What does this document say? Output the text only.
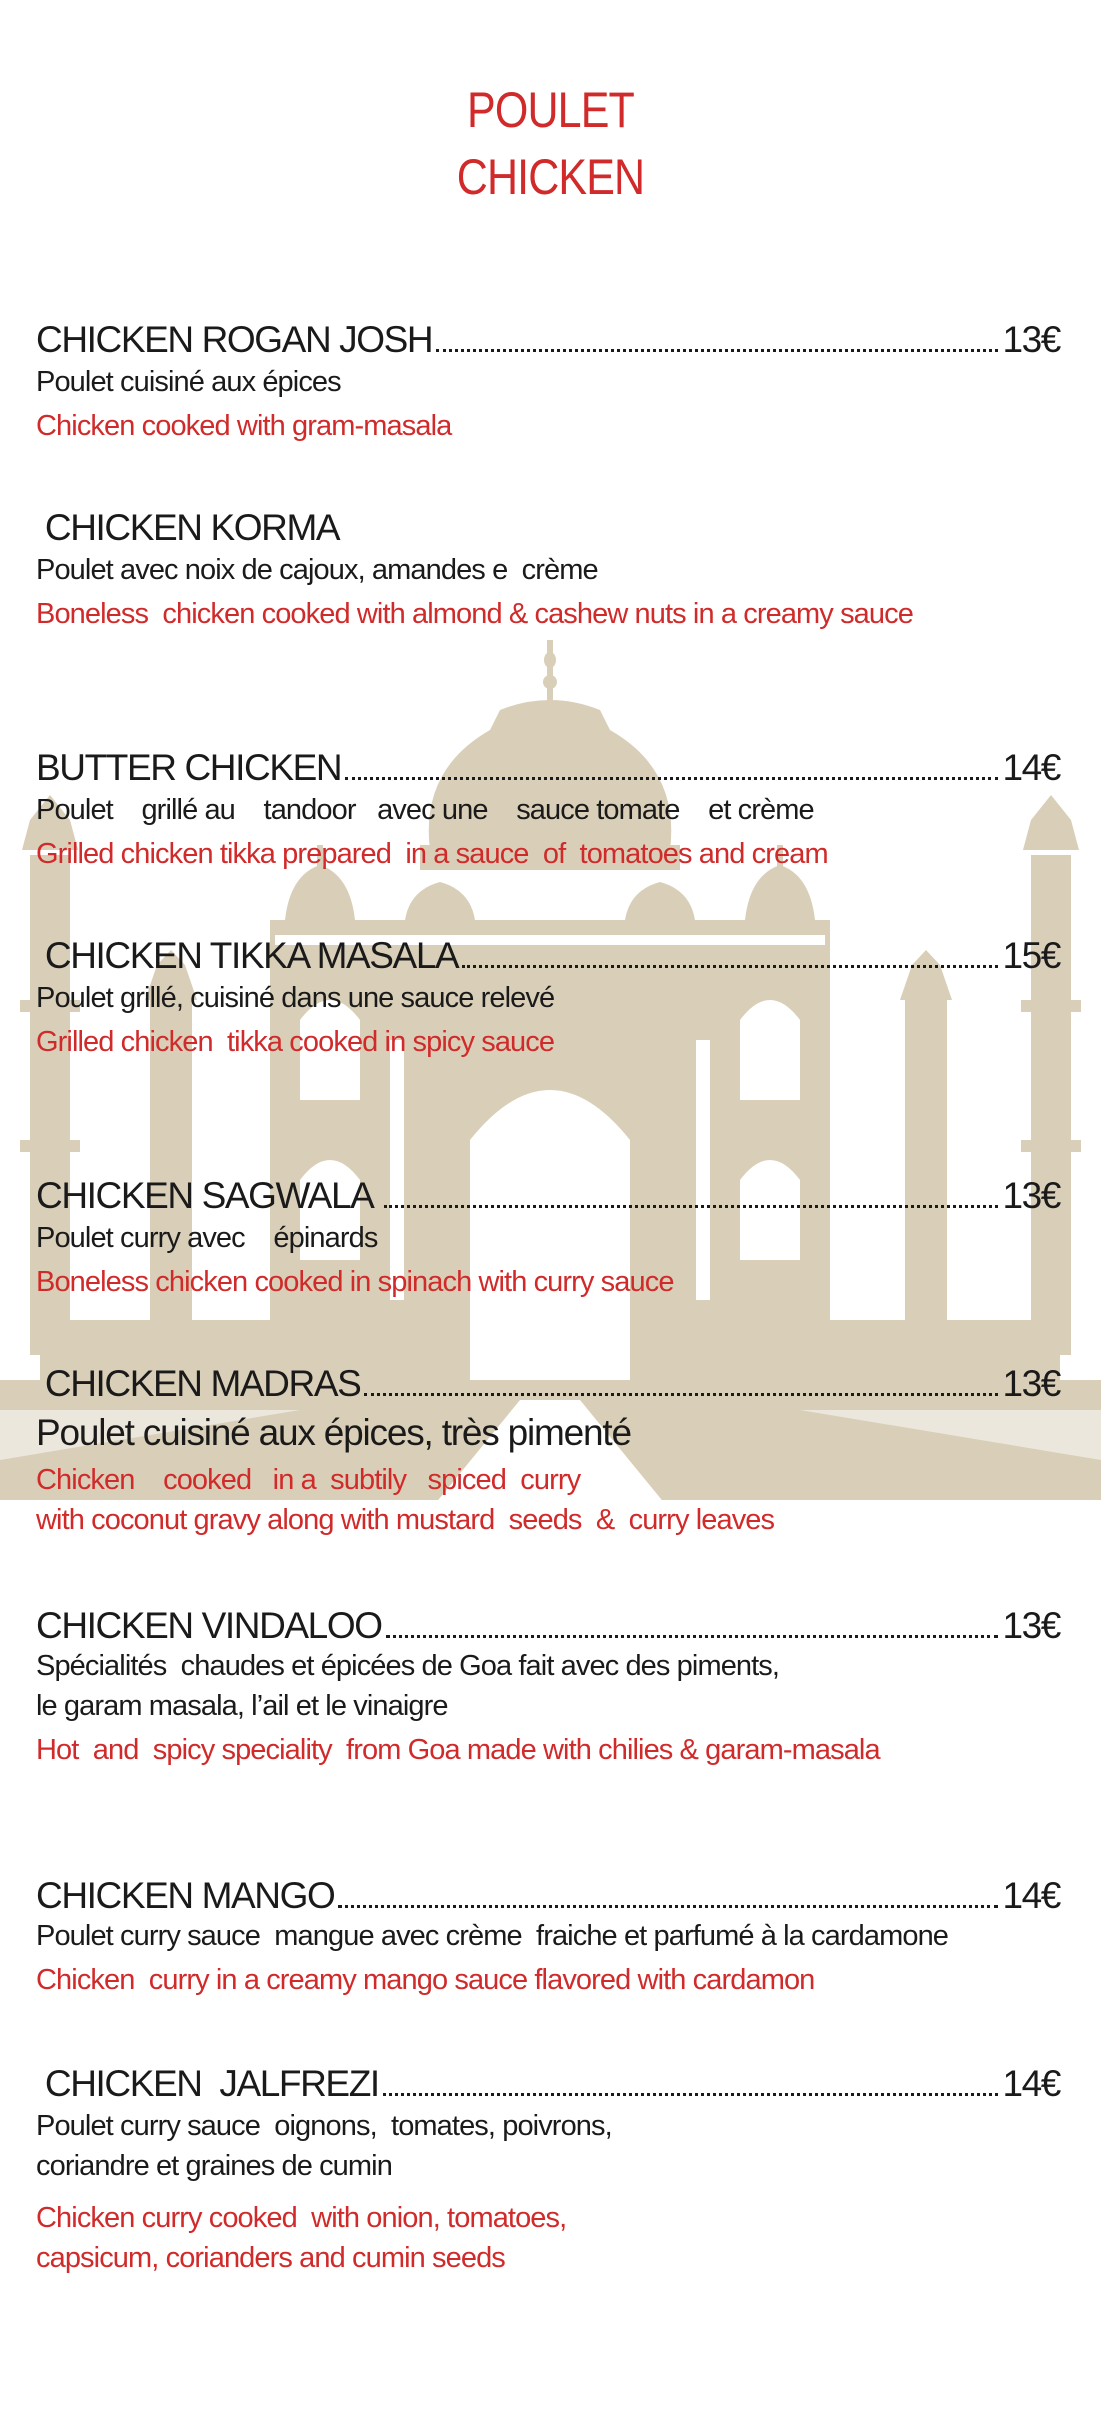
POULET
CHICKEN
CHICKEN ROGAN JOSH	13€
Poulet cuisiné aux épices
Chicken cooked with gram-masala
CHICKEN KORMA
Poulet avec noix de cajoux, amandes e  crème
Boneless  chicken cooked with almond & cashew nuts in a creamy sauce
BUTTER CHICKEN	14€
Poulet    grillé au    tandoor   avec une    sauce tomate    et crème
Grilled chicken tikka prepared  in a sauce  of  tomatoes and cream
CHICKEN TIKKA MASALA	15€
Poulet grillé, cuisiné dans une sauce relevé
Grilled chicken  tikka cooked in spicy sauce
CHICKEN SAGWALA	13€
Poulet curry avec    épinards
Boneless chicken cooked in spinach with curry sauce
CHICKEN MADRAS	13€
Poulet cuisiné aux épices, très pimenté
Chicken    cooked   in a  subtily   spiced  curry
with coconut gravy along with mustard  seeds  &  curry leaves
CHICKEN VINDALOO	13€
Spécialités  chaudes et épicées de Goa fait avec des piments,
le garam masala, l’ail et le vinaigre
Hot  and  spicy speciality  from Goa made with chilies & garam-masala
CHICKEN MANGO	14€
Poulet curry sauce  mangue avec crème  fraiche et parfumé à la cardamone
Chicken  curry in a creamy mango sauce flavored with cardamon
CHICKEN  JALFREZI	14€
Poulet curry sauce  oignons,  tomates, poivrons,
coriandre et graines de cumin
Chicken curry cooked  with onion, tomatoes,
capsicum, corianders and cumin seeds
